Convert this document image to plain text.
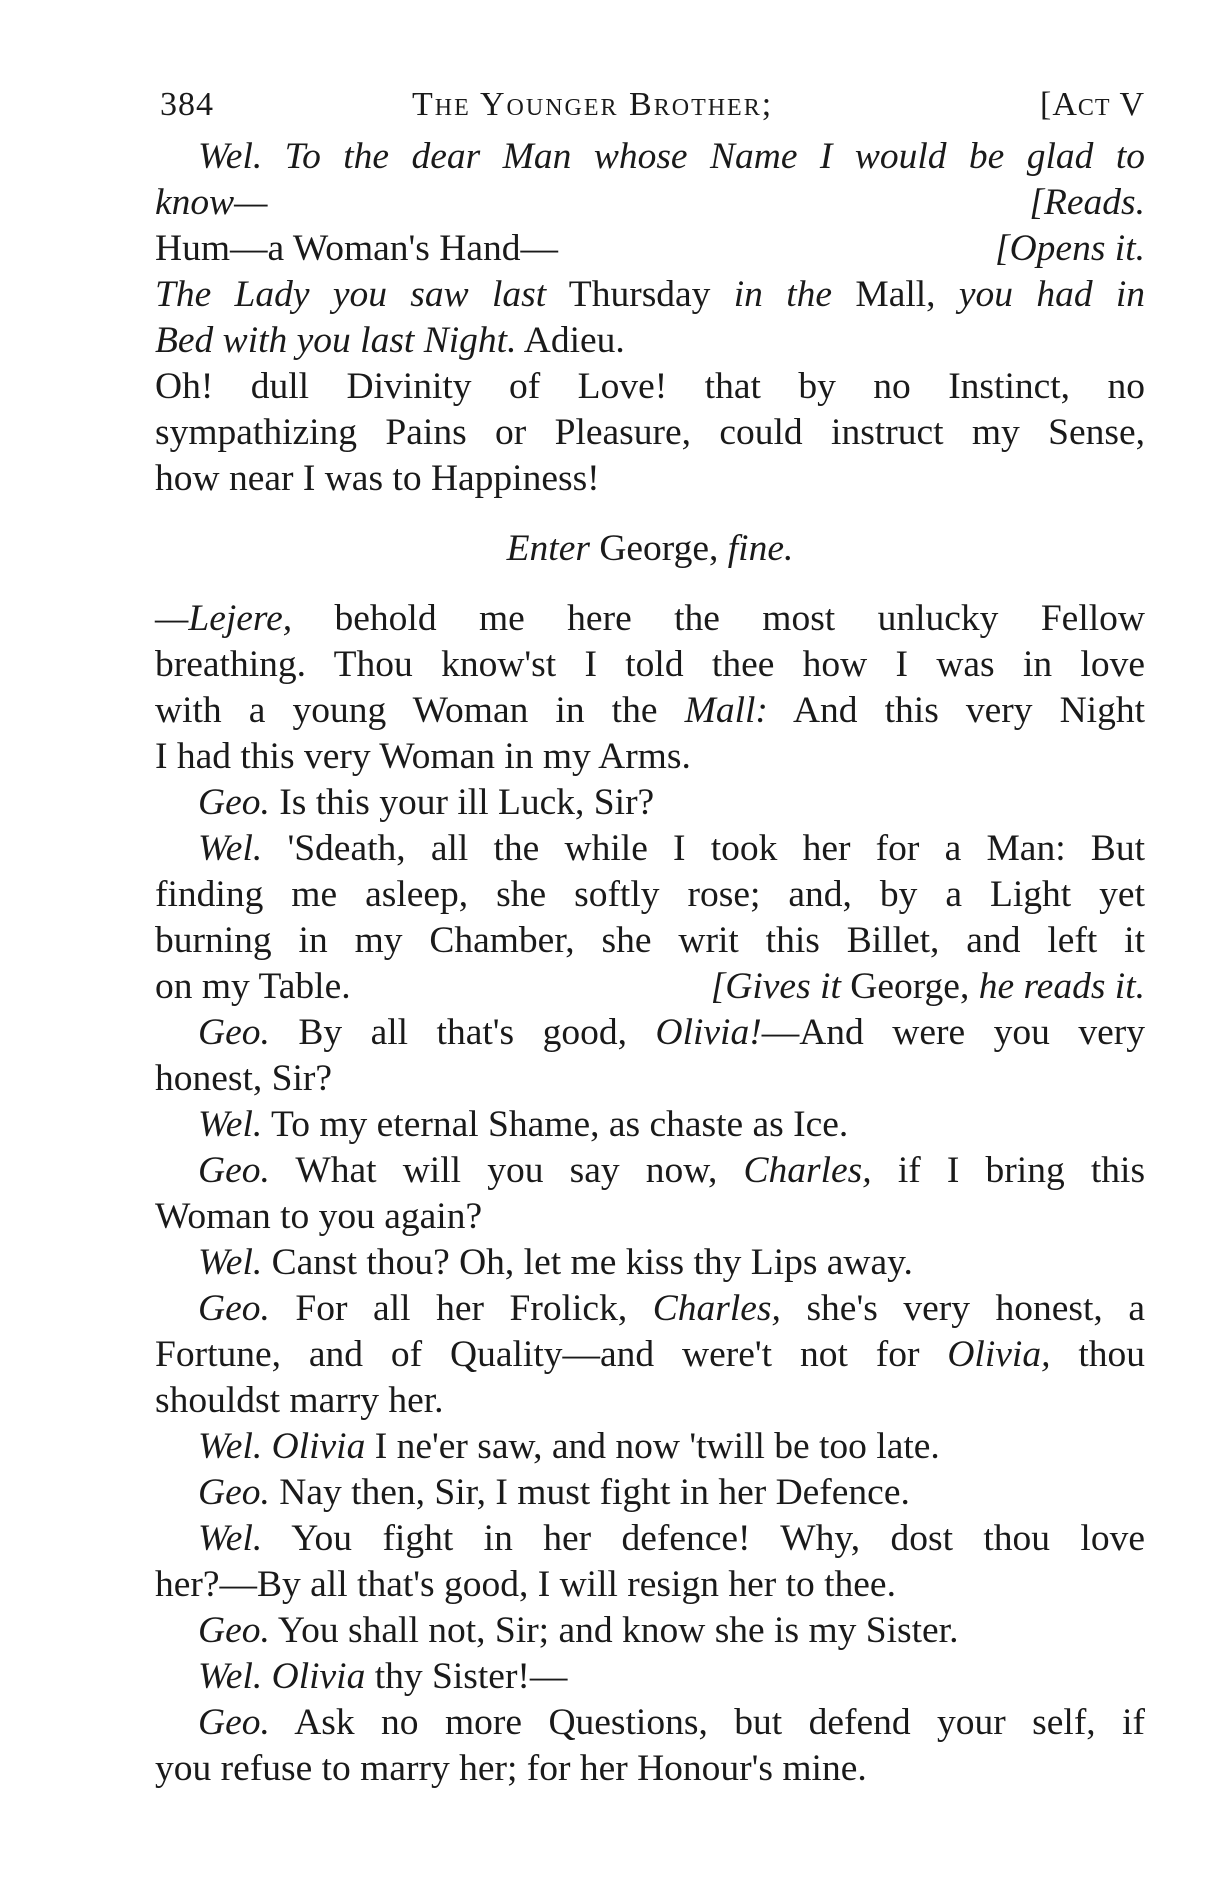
384	The Younger Brother;	[Act V
Wel. To the dear Man whose Name I would be glad to
know—	[Reads.
Hum—a Woman's Hand—	[Opens it.
The Lady you saw last Thursday in the Mall, you had in
Bed with you last Night. Adieu.
Oh! dull Divinity of Love! that by no Instinct, no
sympathizing Pains or Pleasure, could instruct my Sense,
how near I was to Happiness!
Enter George, fine.
—Lejere, behold me here the most unlucky Fellow
breathing. Thou know'st I told thee how I was in love
with a young Woman in the Mall: And this very Night
I had this very Woman in my Arms.
Geo. Is this your ill Luck, Sir?
Wel. 'Sdeath, all the while I took her for a Man: But
finding me asleep, she softly rose; and, by a Light yet
burning in my Chamber, she writ this Billet, and left it
on my Table.	[Gives it George, he reads it.
Geo. By all that's good, Olivia!—And were you very
honest, Sir?
Wel. To my eternal Shame, as chaste as Ice.
Geo. What will you say now, Charles, if I bring this
Woman to you again?
Wel. Canst thou? Oh, let me kiss thy Lips away.
Geo. For all her Frolick, Charles, she's very honest, a
Fortune, and of Quality—and were't not for Olivia, thou
shouldst marry her.
Wel. Olivia I ne'er saw, and now 'twill be too late.
Geo. Nay then, Sir, I must fight in her Defence.
Wel. You fight in her defence! Why, dost thou love
her?—By all that's good, I will resign her to thee.
Geo. You shall not, Sir; and know she is my Sister.
Wel. Olivia thy Sister!—
Geo. Ask no more Questions, but defend your self, if
you refuse to marry her; for her Honour's mine.
